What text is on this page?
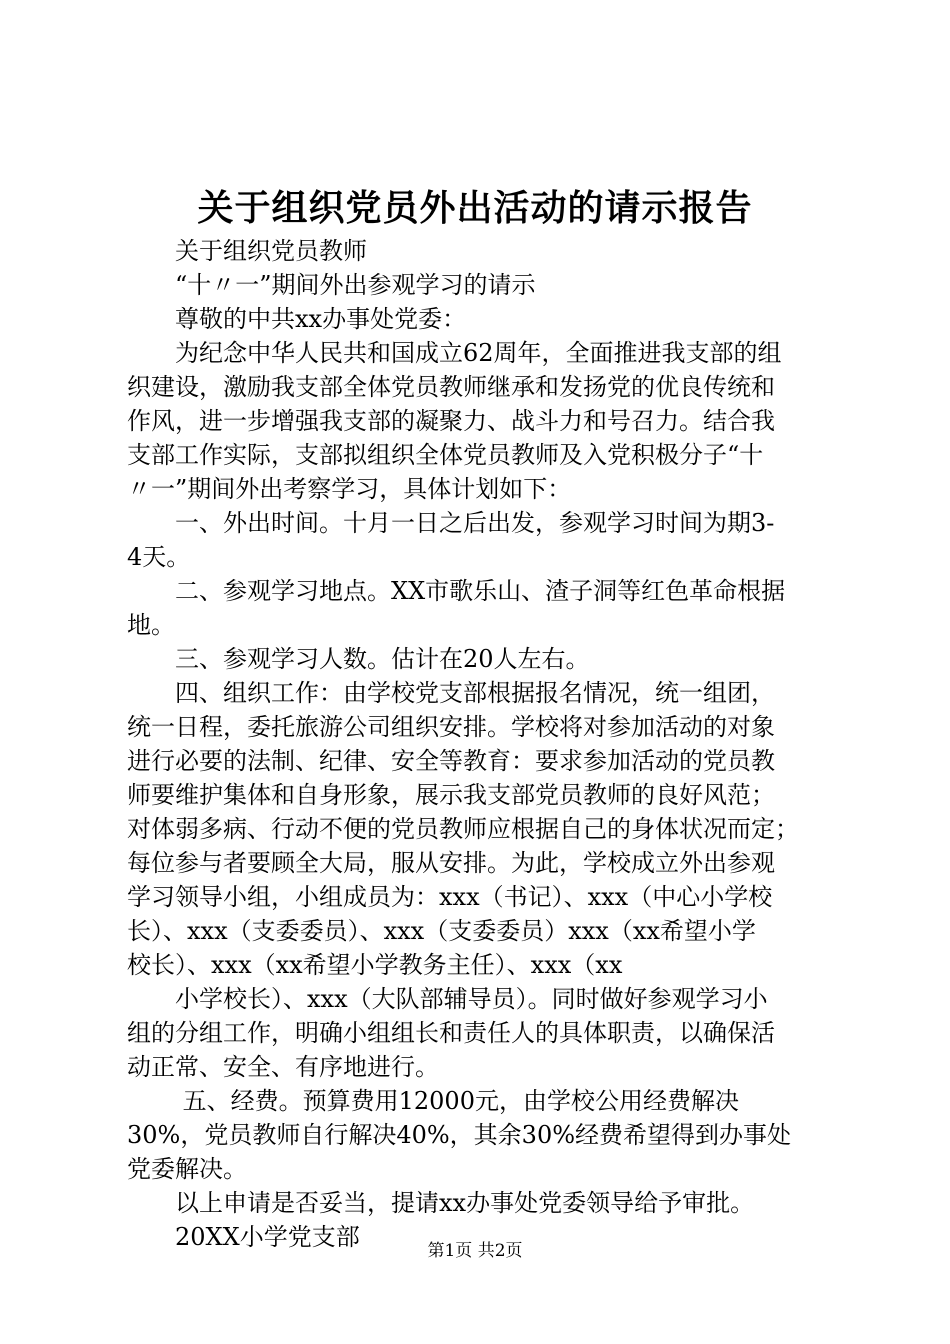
关于组织党员外出活动的请示报告
　　关于组织党员教师
　　“十〃一”期间外出参观学习的请示
　　尊敬的中共xx办事处党委：
　　为纪念中华人民共和国成立62周年，全面推进我支部的组
织建设，激励我支部全体党员教师继承和发扬党的优良传统和
作风，进一步增强我支部的凝聚力、战斗力和号召力。结合我
支部工作实际，支部拟组织全体党员教师及入党积极分子“十
〃一”期间外出考察学习，具体计划如下：
　　一、外出时间。十月一日之后出发，参观学习时间为期3-
4天。
　　二、参观学习地点。XX市歌乐山、渣子洞等红色革命根据
地。
　　三、参观学习人数。估计在20人左右。
　　四、组织工作：由学校党支部根据报名情况，统一组团，
统一日程，委托旅游公司组织安排。学校将对参加活动的对象
进行必要的法制、纪律、安全等教育：要求参加活动的党员教
师要维护集体和自身形象，展示我支部党员教师的良好风范；
对体弱多病、行动不便的党员教师应根据自己的身体状况而定；
每位参与者要顾全大局，服从安排。为此，学校成立外出参观
学习领导小组，小组成员为：xxx（书记）、xxx（中心小学校
长）、xxx（支委委员）、xxx（支委委员）xxx（xx希望小学
校长）、xxx（xx希望小学教务主任）、xxx（xx
　　小学校长）、xxx（大队部辅导员）。同时做好参观学习小
组的分组工作，明确小组组长和责任人的具体职责，以确保活
动正常、安全、有序地进行。
　　 五、经费。预算费用12000元，由学校公用经费解决
30%，党员教师自行解决40%，其余30%经费希望得到办事处
党委解决。
　　以上申请是否妥当，提请xx办事处党委领导给予审批。
　　20XX小学党支部	第1页 共2页
